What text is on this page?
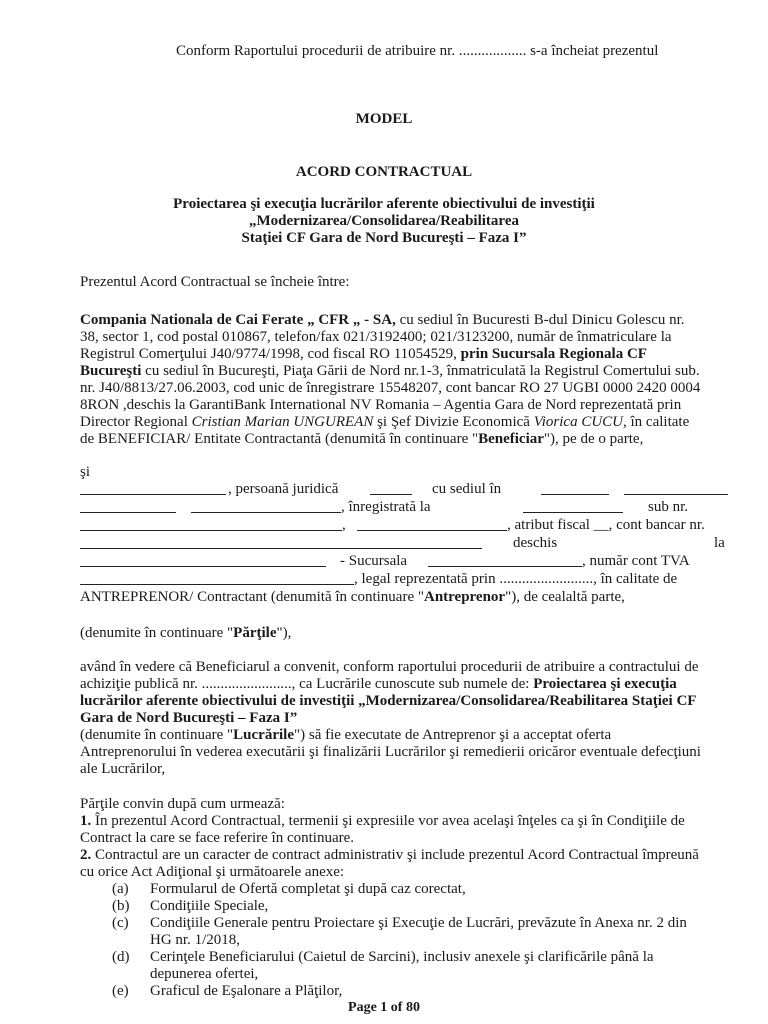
Conform Raportului procedurii de atribuire nr. .................. s-a încheiat prezentul
MODEL
ACORD CONTRACTUAL
Proiectarea şi execuţia lucrărilor aferente obiectivului de investiţii
„Modernizarea/Consolidarea/Reabilitarea
Staţiei CF Gara de Nord Bucureşti – Faza I”
Prezentul Acord Contractual se încheie între:
Compania Nationala de Cai Ferate „ CFR „ - SA, cu sediul în Bucuresti B-dul Dinicu Golescu nr.
38, sector 1, cod postal 010867, telefon/fax 021/3192400; 021/3123200, număr de înmatriculare la
Registrul Comerţului J40/9774/1998, cod fiscal RO 11054529, prin Sucursala Regionala CF
Bucureşti cu sediul în Bucureşti, Piaţa Gării de Nord nr.1-3, înmatriculată la Registrul Comertului sub.
nr. J40/8813/27.06.2003, cod unic de înregistrare 15548207, cont bancar RO 27 UGBI 0000 2420 0004
8RON ,deschis la GarantiBank International NV Romania – Agentia Gara de Nord reprezentată prin
Director Regional Cristian Marian UNGUREAN şi Şef Divizie Economică Viorica CUCU, în calitate
de BENEFICIAR/ Entitate Contractantă (denumită în continuare "Beneficiar"), pe de o parte,
şi
, persoană juridică	cu sediul în
, înregistrată la	sub nr.
,	, atribut fiscal __, cont bancar nr.
deschis	la
- Sucursala	, număr cont TVA
, legal reprezentată prin ........................., în calitate de
ANTREPRENOR/ Contractant (denumită în continuare "Antreprenor"), de cealaltă parte,
(denumite în continuare "Părţile"),
având în vedere că Beneficiarul a convenit, conform raportului procedurii de atribuire a contractului de
achiziţie publică nr. ........................, ca Lucrările cunoscute sub numele de: Proiectarea şi execuţia
lucrărilor aferente obiectivului de investiţii „Modernizarea/Consolidarea/Reabilitarea Staţiei CF
Gara de Nord Bucureşti – Faza I”
(denumite în continuare "Lucrările") să fie executate de Antreprenor şi a acceptat oferta
Antreprenorului în vederea executării şi finalizării Lucrărilor şi remedierii oricăror eventuale defecţiuni
ale Lucrărilor,
Părţile convin după cum urmează:
1. În prezentul Acord Contractual, termenii şi expresiile vor avea acelaşi înţeles ca şi în Condiţiile de
Contract la care se face referire în continuare.
2. Contractul are un caracter de contract administrativ şi include prezentul Acord Contractual împreună
cu orice Act Adiţional şi următoarele anexe:
(a) Formularul de Ofertă completat şi după caz corectat,
(b) Condiţiile Speciale,
(c) Condiţiile Generale pentru Proiectare şi Execuţie de Lucrări, prevăzute în Anexa nr. 2 din
HG nr. 1/2018,
(d) Cerinţele Beneficiarului (Caietul de Sarcini), inclusiv anexele şi clarificările până la
depunerea ofertei,
(e) Graficul de Eşalonare a Plăţilor,
Page 1 of 80
